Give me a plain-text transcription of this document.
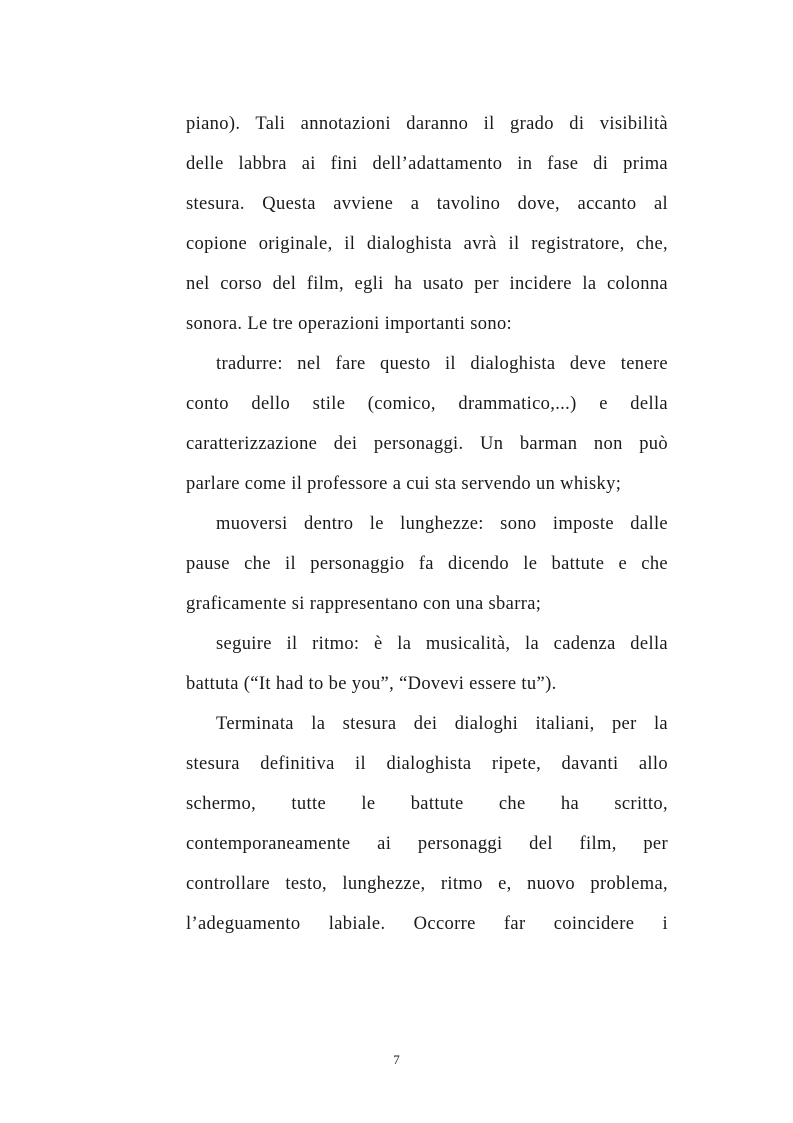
piano). Tali annotazioni daranno il grado di visibilità
delle labbra ai fini dell’adattamento in fase di prima
stesura. Questa avviene a tavolino dove, accanto al
copione originale, il dialoghista avrà il registratore, che,
nel corso del film, egli ha usato per incidere la colonna
sonora. Le tre operazioni importanti sono:
tradurre: nel fare questo il dialoghista deve tenere
conto dello stile (comico, drammatico,...) e della
caratterizzazione dei personaggi. Un barman non può
parlare come il professore a cui sta servendo un whisky;
muoversi dentro le lunghezze: sono imposte dalle
pause che il personaggio fa dicendo le battute e che
graficamente si rappresentano con una sbarra;
seguire il ritmo: è la musicalità, la cadenza della
battuta (“It had to be you”, “Dovevi essere tu”).
Terminata la stesura dei dialoghi italiani, per la
stesura definitiva il dialoghista ripete, davanti allo
schermo, tutte le battute che ha scritto,
contemporaneamente ai personaggi del film, per
controllare testo, lunghezze, ritmo e, nuovo problema,
l’adeguamento labiale. Occorre far coincidere i
7
